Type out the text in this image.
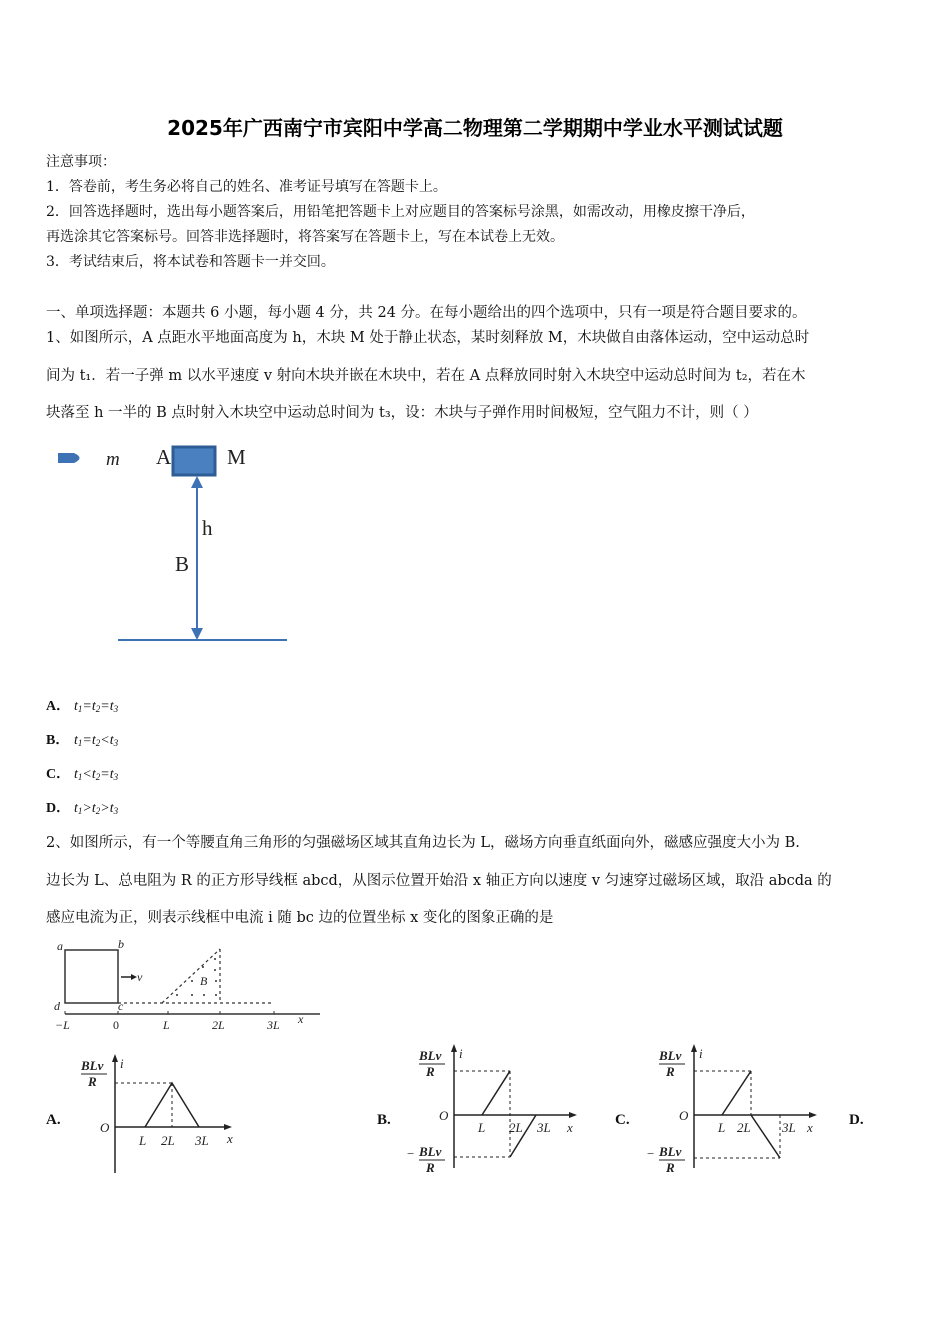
2025年广西南宁市宾阳中学高二物理第二学期期中学业水平测试试题
注意事项：
1．答卷前，考生务必将自己的姓名、准考证号填写在答题卡上。
2．回答选择题时，选出每小题答案后，用铅笔把答题卡上对应题目的答案标号涂黑，如需改动，用橡皮擦干净后，
再选涂其它答案标号。回答非选择题时，将答案写在答题卡上，写在本试卷上无效。
3．考试结束后，将本试卷和答题卡一并交回。
一、单项选择题：本题共 6 小题，每小题 4 分，共 24 分。在每小题给出的四个选项中，只有一项是符合题目要求的。
1、如图所示，A 点距水平地面高度为 h，木块 M 处于静止状态，某时刻释放 M，木块做自由落体运动，空中运动总时
间为 t₁．若一子弹 m 以水平速度 v 射向木块并嵌在木块中，若在 A 点释放同时射入木块空中运动总时间为 t₂，若在木
块落至 h 一半的 B 点时射入木块空中运动总时间为 t₃，设：木块与子弹作用时间极短，空气阻力不计，则（ ）
m A	M
h
B
A． $t_1=t_2=t_3$
B． $t_1=t_2<t_3$
C． $t_1<t_2=t_3$
D． $t_1>t_2>t_3$
2、如图所示，有一个等腰直角三角形的匀强磁场区域其直角边长为 L，磁场方向垂直纸面向外，磁感应强度大小为 B.
边长为 L、总电阻为 R 的正方形导线框 abcd，从图示位置开始沿 x 轴正方向以速度 v 匀速穿过磁场区域，取沿 abcda 的
感应电流为正，则表示线框中电流 i 随 bc 边的位置坐标 x 变化的图象正确的是
a	b
c
d
v	B
−L	0	L	2L	3L x
A.
BLv
R
i
O
L 2L 3L x
B.
BLv
R
i
O
L 2L 3L x
− BLv
R
C.
BLv
R
i
O
L 2L 3L x
− BLv
R
D.
